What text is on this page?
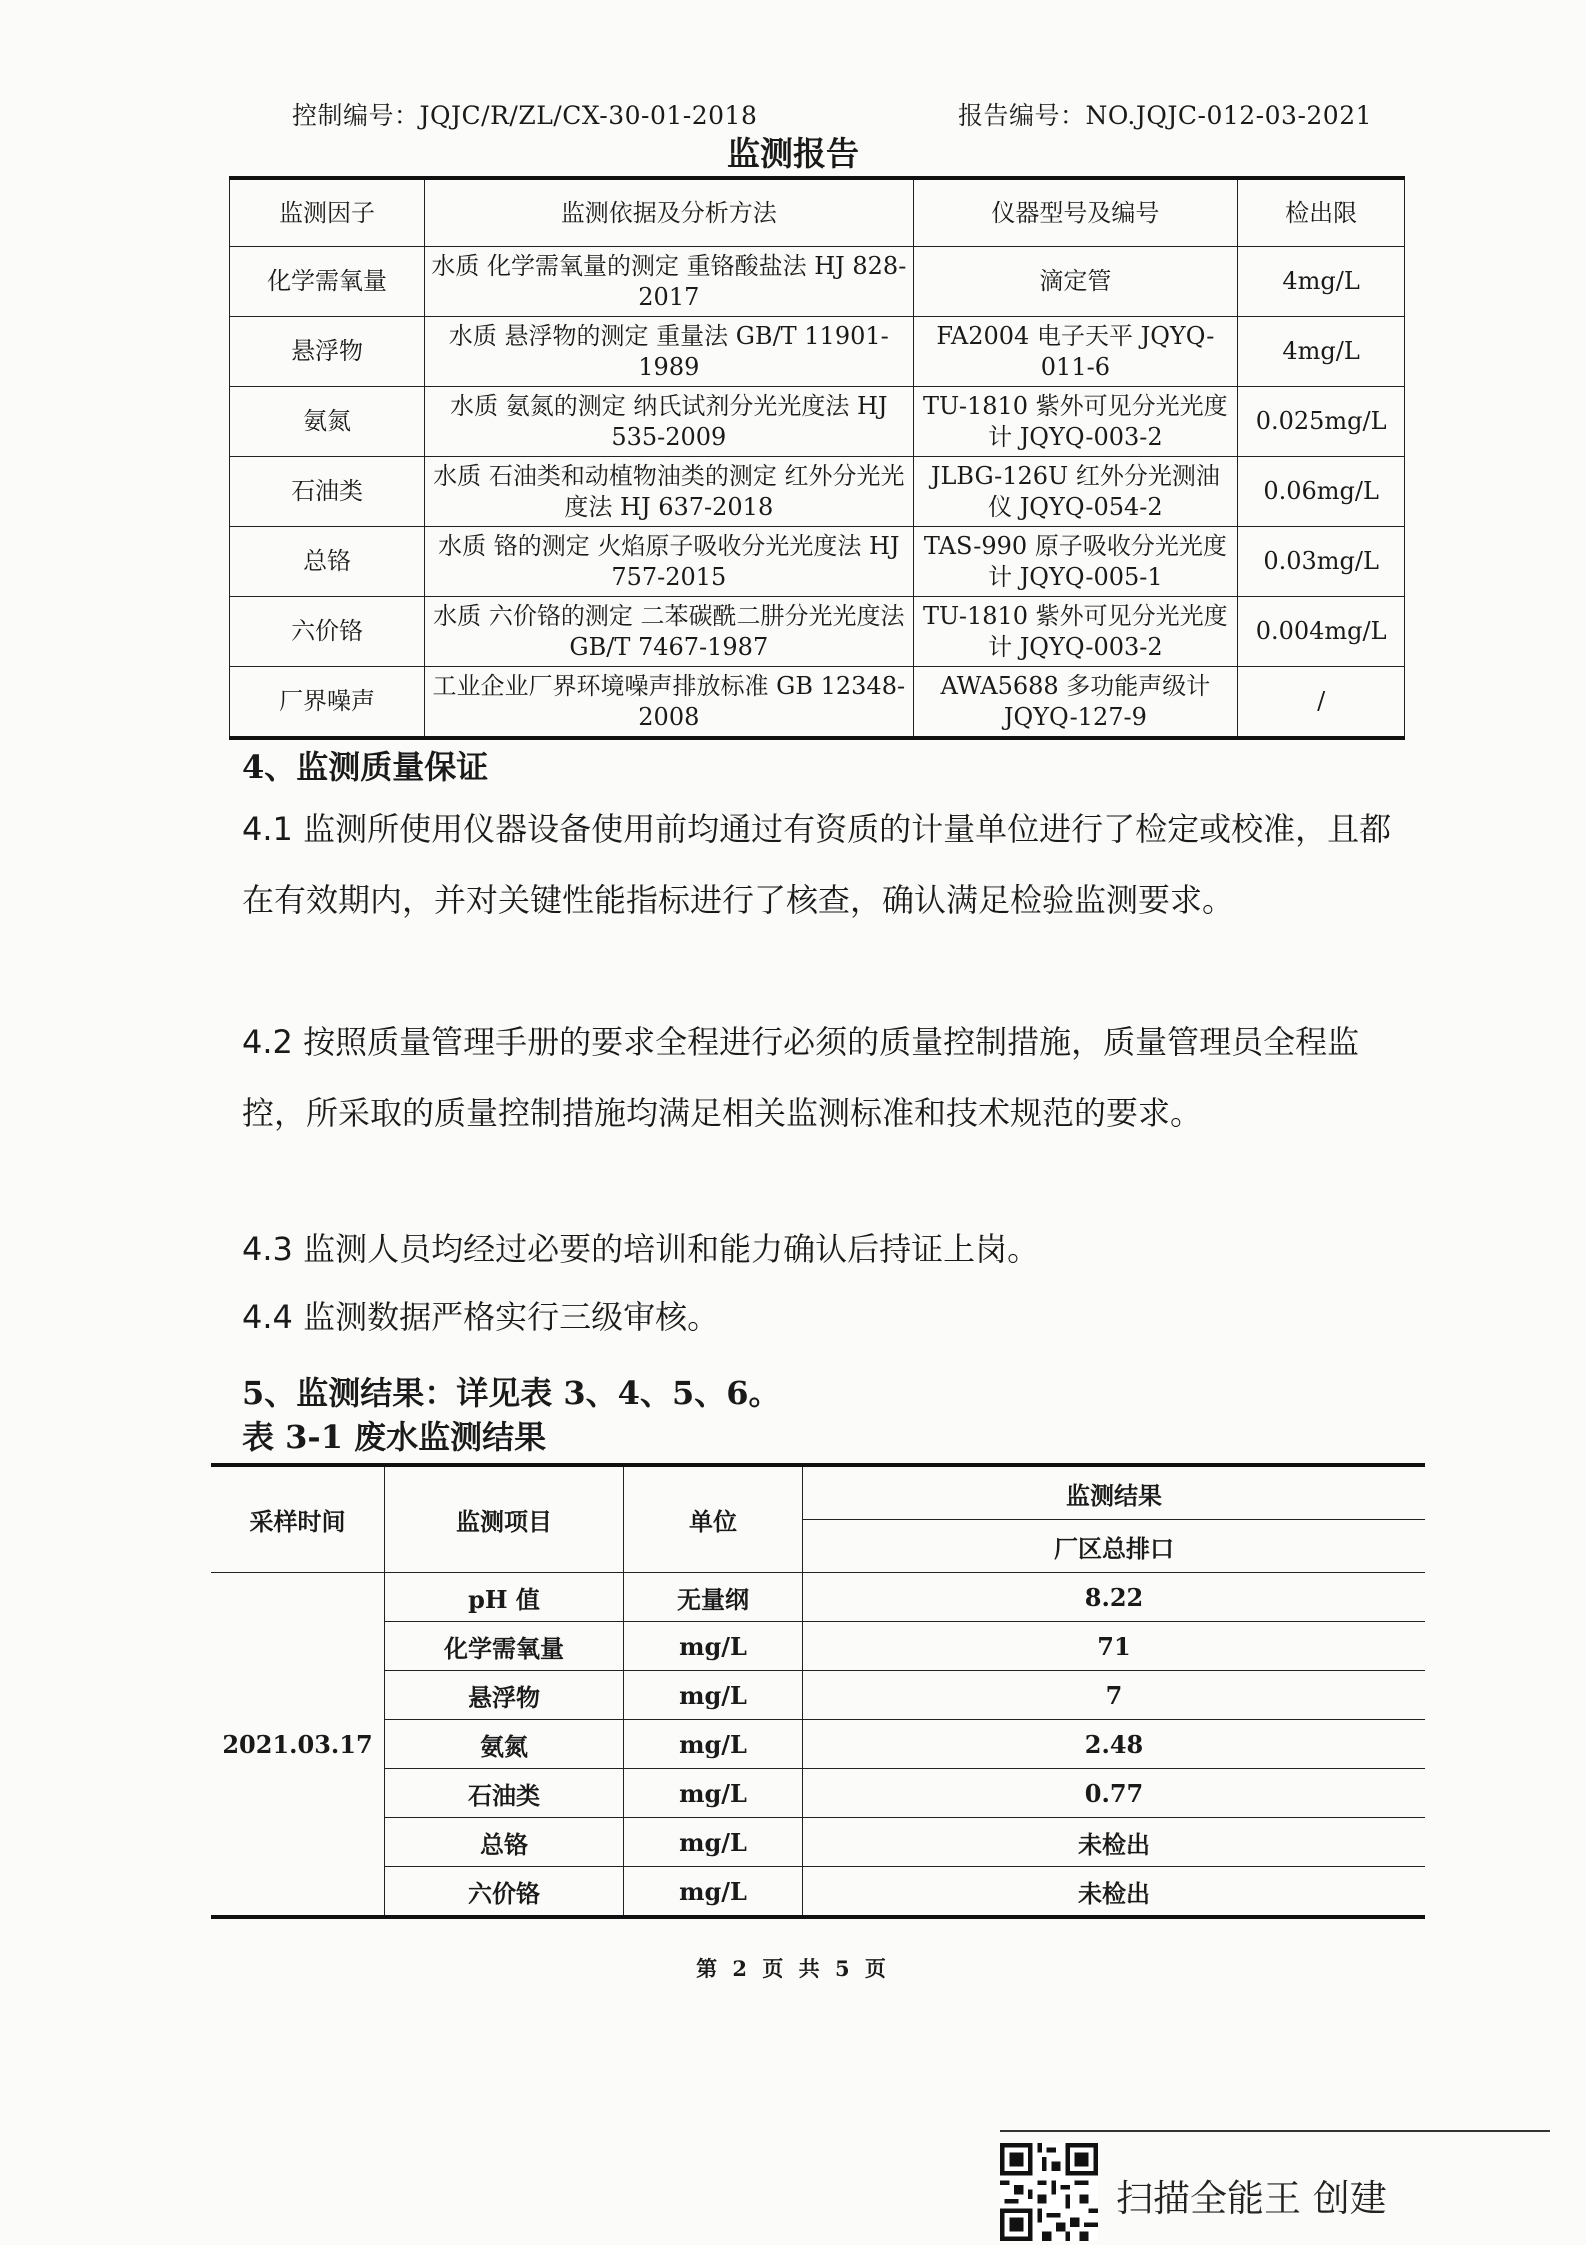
控制编号：JQJC/R/ZL/CX-30-01-2018	报告编号：NO.JQJC-012-03-2021
监测报告
监测因子	监测依据及分析方法	仪器型号及编号	检出限
化学需氧量	水质 化学需氧量的测定 重铬酸盐法 HJ 828-2017	滴定管	4mg/L
悬浮物	水质 悬浮物的测定 重量法 GB/T 11901-1989	FA2004 电子天平 JQYQ-011-6	4mg/L
氨氮	水质 氨氮的测定 纳氏试剂分光光度法 HJ 535-2009	TU-1810 紫外可见分光光度计 JQYQ-003-2	0.025mg/L
石油类	水质 石油类和动植物油类的测定 红外分光光度法 HJ 637-2018	JLBG-126U 红外分光测油仪 JQYQ-054-2	0.06mg/L
总铬	水质 铬的测定 火焰原子吸收分光光度法 HJ 757-2015	TAS-990 原子吸收分光光度计 JQYQ-005-1	0.03mg/L
六价铬	水质 六价铬的测定 二苯碳酰二肼分光光度法 GB/T 7467-1987	TU-1810 紫外可见分光光度计 JQYQ-003-2	0.004mg/L
厂界噪声	工业企业厂界环境噪声排放标准 GB 12348-2008	AWA5688 多功能声级计 JQYQ-127-9	/
4、监测质量保证
4.1 监测所使用仪器设备使用前均通过有资质的计量单位进行了检定或校准，且都在有效期内，并对关键性能指标进行了核查，确认满足检验监测要求。
4.2 按照质量管理手册的要求全程进行必须的质量控制措施，质量管理员全程监控，所采取的质量控制措施均满足相关监测标准和技术规范的要求。
4.3 监测人员均经过必要的培训和能力确认后持证上岗。
4.4 监测数据严格实行三级审核。
5、监测结果：详见表 3、4、5、6。
表 3-1 废水监测结果
采样时间	监测项目	单位	监测结果
			厂区总排口
2021.03.17	pH 值	无量纲	8.22
	化学需氧量	mg/L	71
	悬浮物	mg/L	7
	氨氮	mg/L	2.48
	石油类	mg/L	0.77
	总铬	mg/L	未检出
	六价铬	mg/L	未检出
第 2 页 共 5 页
扫描全能王 创建
